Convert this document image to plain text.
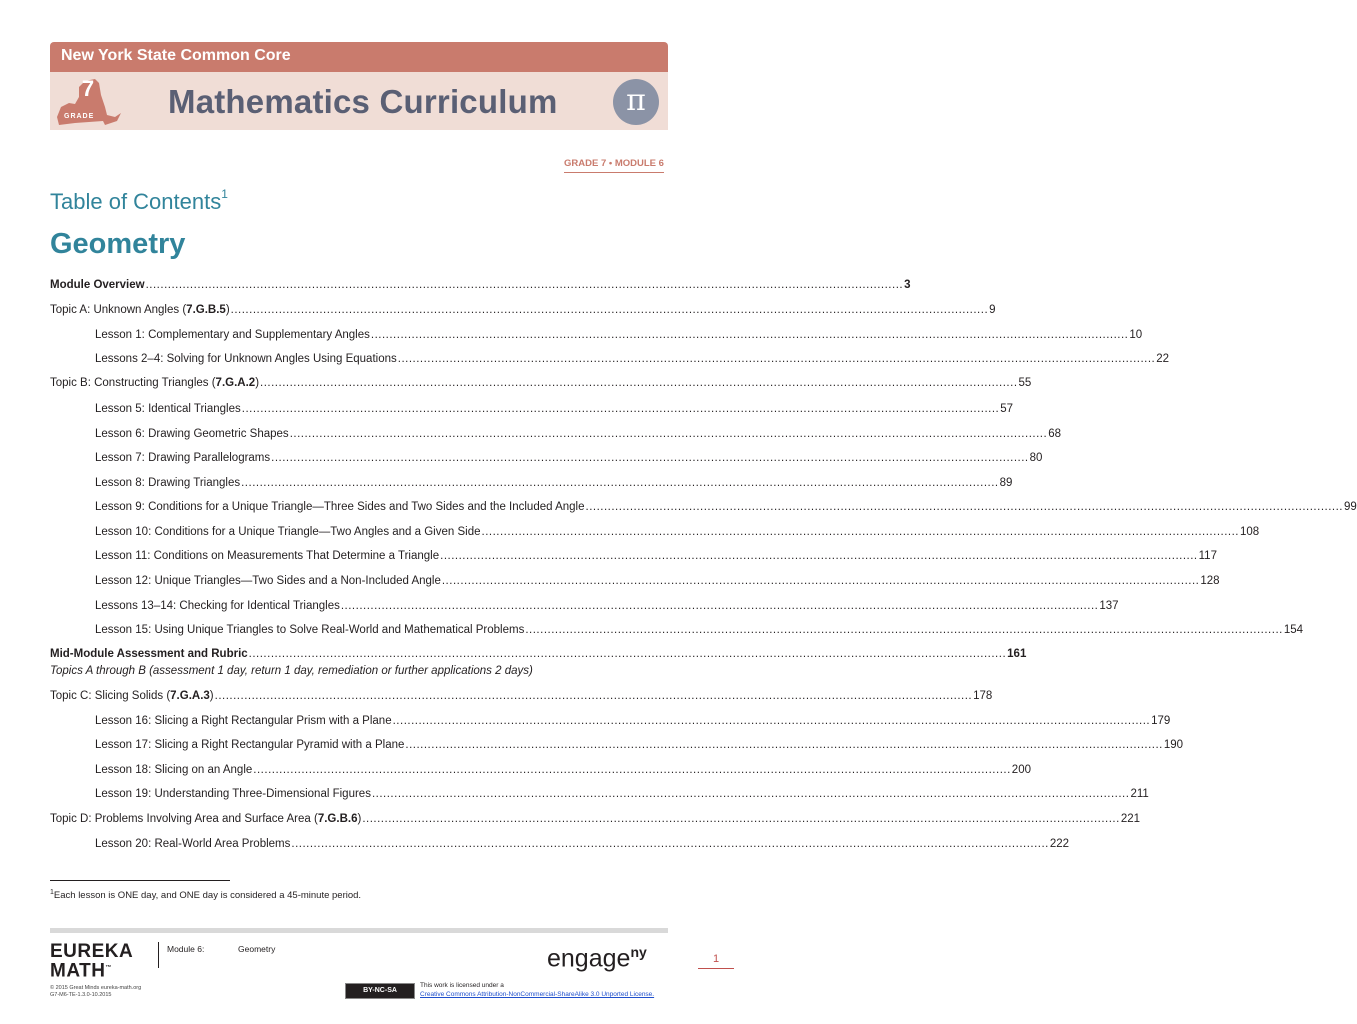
New York State Common Core
7
GRADE Mathematics Curriculum	π
GRADE 7 • MODULE 6
Table of Contents$^1$
Geometry
Module Overview ............................................................................................................................................................................................................. 3
Topic A: Unknown Angles (7.G.B.5) ............................................................................................................................................................................................................. 9
Lesson 1: Complementary and Supplementary Angles ............................................................................................................................................................................................................. 10
Lessons 2–4: Solving for Unknown Angles Using Equations ............................................................................................................................................................................................................. 22
Topic B: Constructing Triangles (7.G.A.2) ............................................................................................................................................................................................................. 55
Lesson 5: Identical Triangles ............................................................................................................................................................................................................. 57
Lesson 6: Drawing Geometric Shapes ............................................................................................................................................................................................................. 68
Lesson 7: Drawing Parallelograms ............................................................................................................................................................................................................. 80
Lesson 8: Drawing Triangles ............................................................................................................................................................................................................. 89
Lesson 9: Conditions for a Unique Triangle—Three Sides and Two Sides and the Included Angle ............................................................................................................................................................................................................. 99
Lesson 10: Conditions for a Unique Triangle—Two Angles and a Given Side ............................................................................................................................................................................................................. 108
Lesson 11: Conditions on Measurements That Determine a Triangle ............................................................................................................................................................................................................. 117
Lesson 12: Unique Triangles—Two Sides and a Non-Included Angle ............................................................................................................................................................................................................. 128
Lessons 13–14: Checking for Identical Triangles ............................................................................................................................................................................................................. 137
Lesson 15: Using Unique Triangles to Solve Real-World and Mathematical Problems ............................................................................................................................................................................................................. 154
Mid-Module Assessment and Rubric ............................................................................................................................................................................................................. 161
Topics A through B (assessment 1 day, return 1 day, remediation or further applications 2 days)
Topic C: Slicing Solids (7.G.A.3) ............................................................................................................................................................................................................. 178
Lesson 16: Slicing a Right Rectangular Prism with a Plane ............................................................................................................................................................................................................. 179
Lesson 17: Slicing a Right Rectangular Pyramid with a Plane ............................................................................................................................................................................................................. 190
Lesson 18: Slicing on an Angle ............................................................................................................................................................................................................. 200
Lesson 19: Understanding Three-Dimensional Figures ............................................................................................................................................................................................................. 211
Topic D: Problems Involving Area and Surface Area (7.G.B.6) ............................................................................................................................................................................................................. 221
Lesson 20: Real-World Area Problems ............................................................................................................................................................................................................. 222
$^1$Each lesson is ONE day, and ONE day is considered a 45-minute period.
EUREKA
MATH™
Module 6:	Geometry
© 2015 Great Minds eureka-math.org
G7-M6-TE-1.3.0-10.2015
BY-NC-SA
This work is licensed under a
Creative Commons Attribution-NonCommercial-ShareAlike 3.0 Unported License.
engage$^{ny}$	1
